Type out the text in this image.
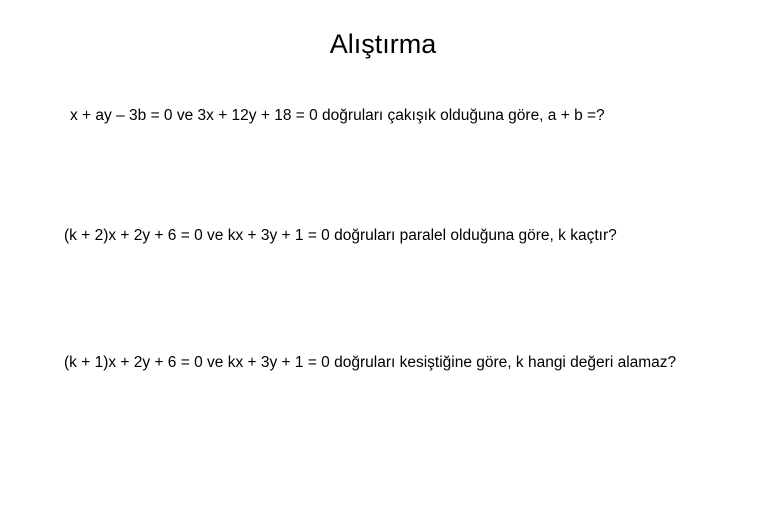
Alıştırma
x + ay – 3b = 0 ve 3x + 12y + 18 = 0 doğruları çakışık olduğuna göre, a + b =?
(k + 2)x + 2y + 6 = 0 ve kx + 3y + 1 = 0 doğruları paralel olduğuna göre, k kaçtır?
(k + 1)x + 2y + 6 = 0 ve kx + 3y + 1 = 0 doğruları kesiştiğine göre, k hangi değeri alamaz?
